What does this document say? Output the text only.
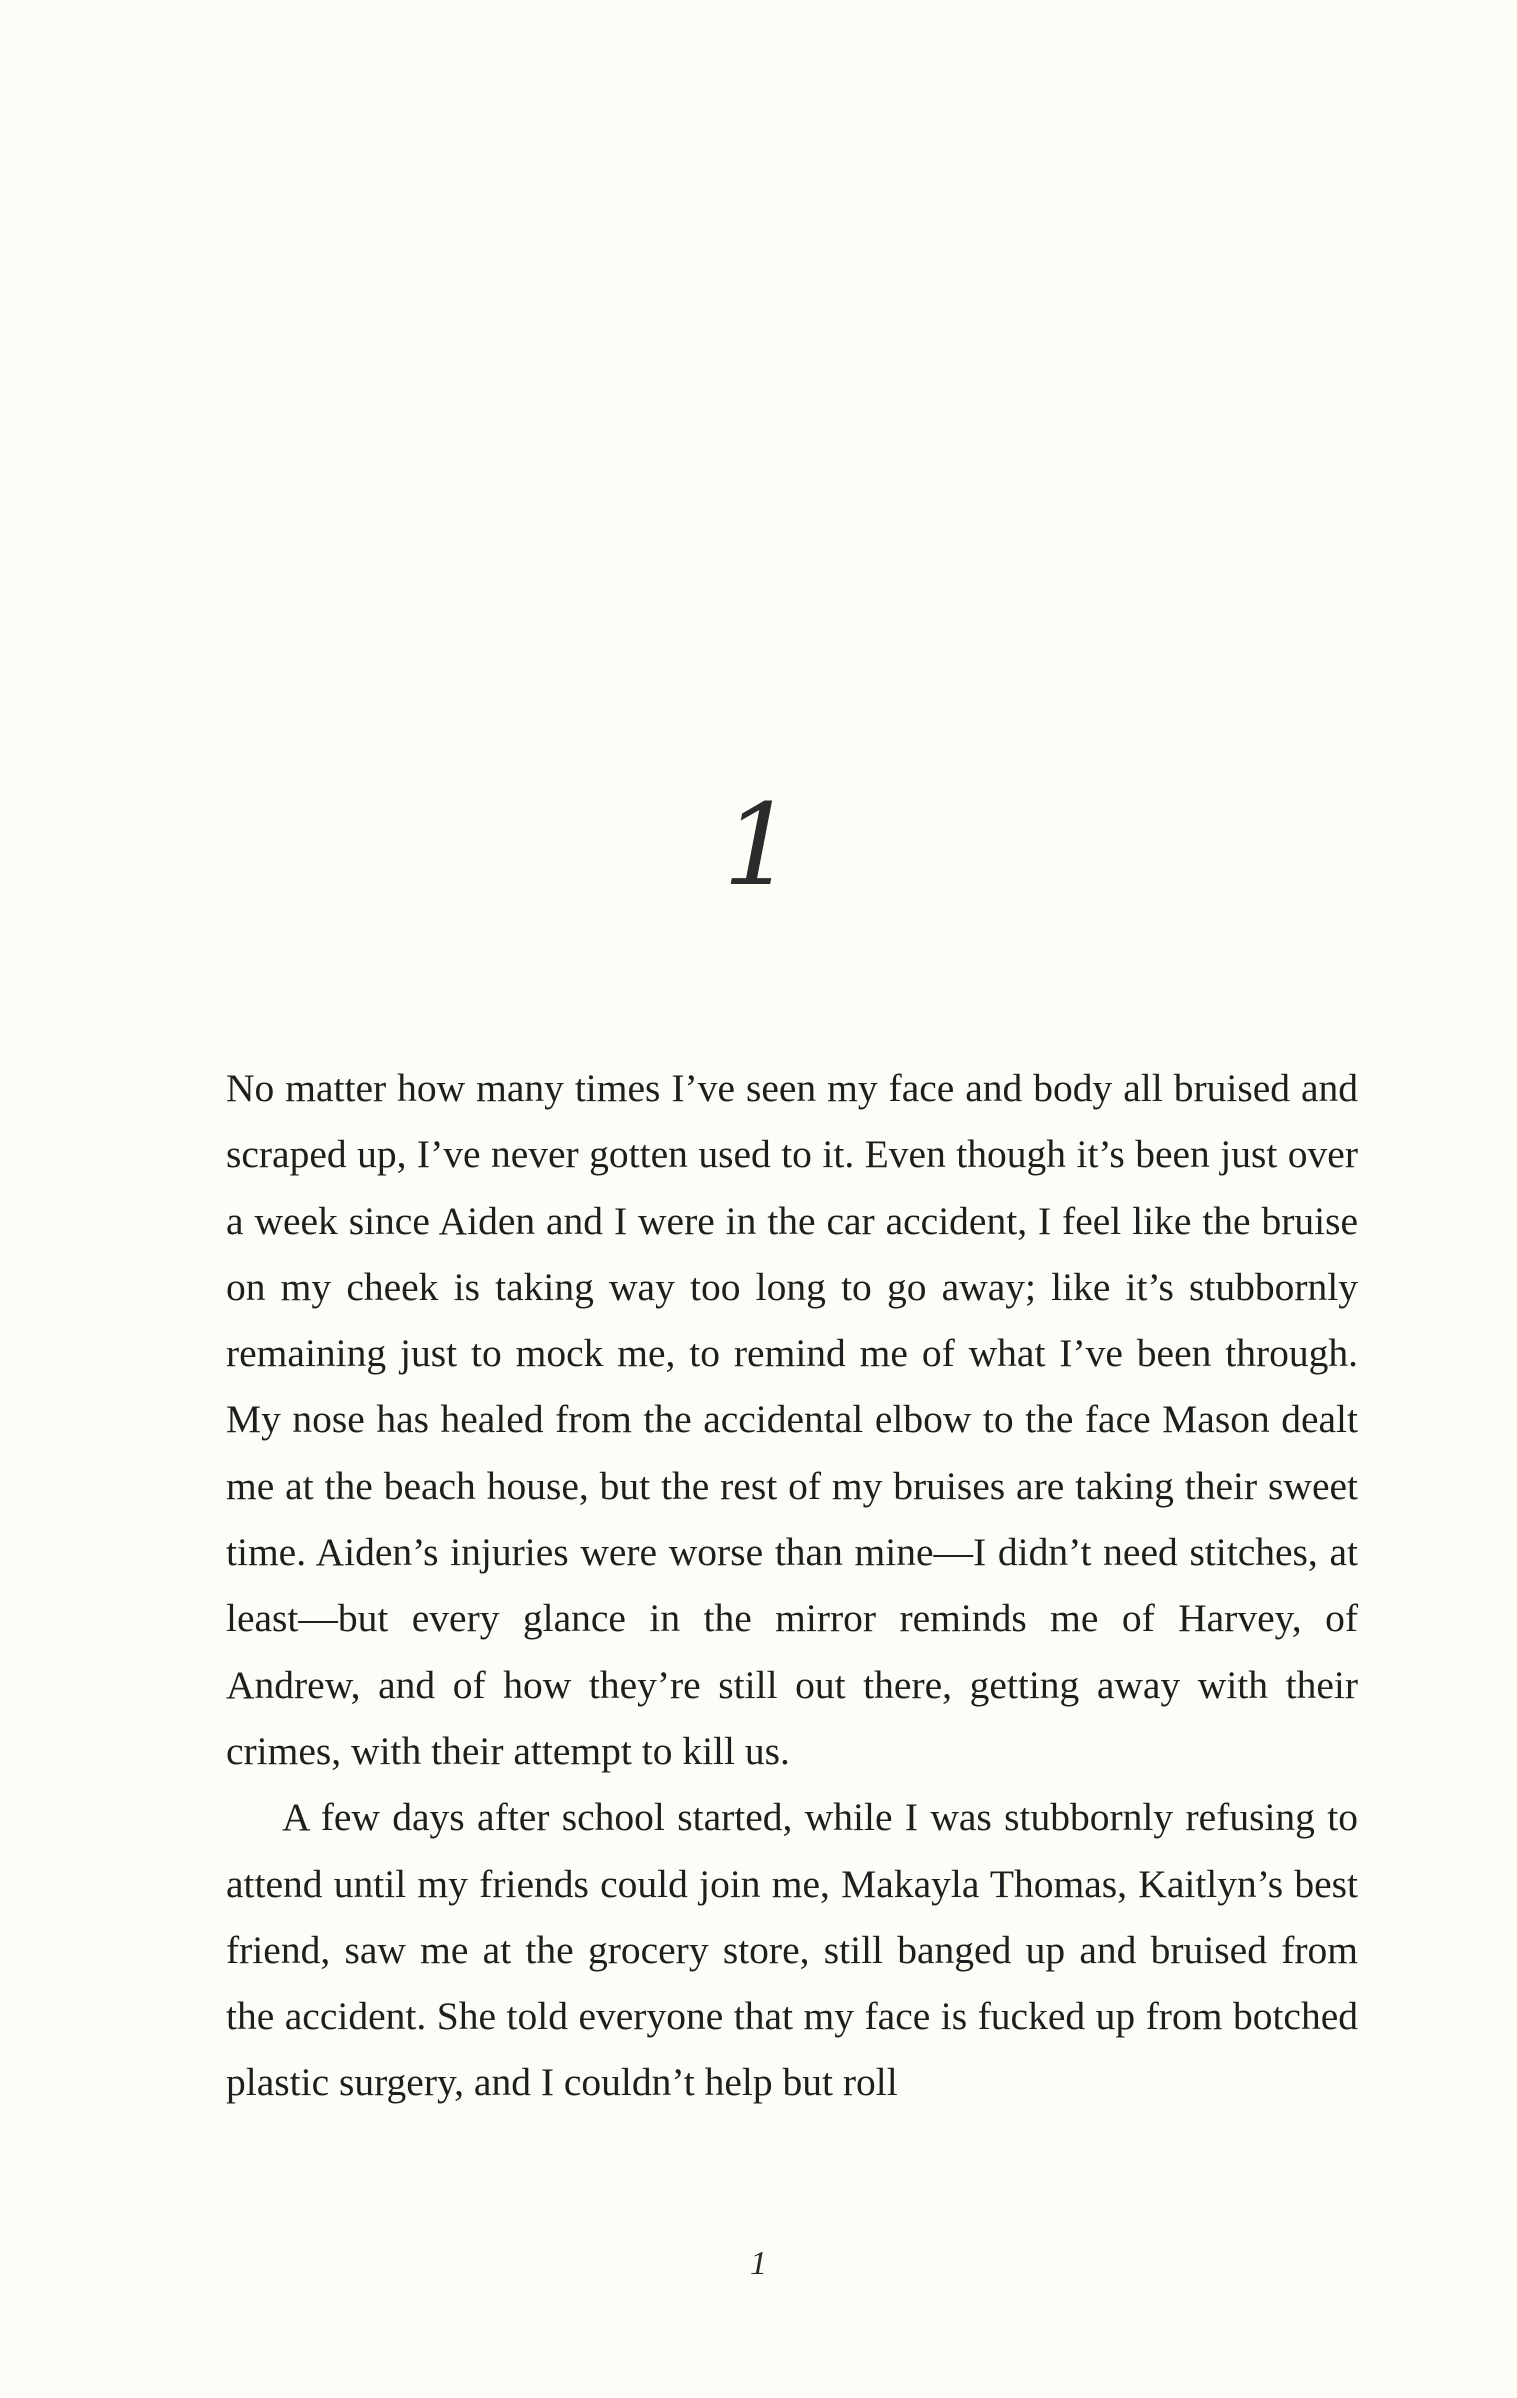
1

No matter how many times I’ve seen my face and body all bruised and scraped up, I’ve never gotten used to it. Even though it’s been just over a week since Aiden and I were in the car accident, I feel like the bruise on my cheek is taking way too long to go away; like it’s stubbornly remaining just to mock me, to remind me of what I’ve been through. My nose has healed from the accidental elbow to the face Mason dealt me at the beach house, but the rest of my bruises are taking their sweet time. Aiden’s injuries were worse than mine—I didn’t need stitches, at least—but every glance in the mirror reminds me of Harvey, of Andrew, and of how they’re still out there, getting away with their crimes, with their attempt to kill us.

A few days after school started, while I was stubbornly refusing to attend until my friends could join me, Makayla Thomas, Kaitlyn’s best friend, saw me at the grocery store, still banged up and bruised from the accident. She told everyone that my face is fucked up from botched plastic surgery, and I couldn’t help but roll

1
